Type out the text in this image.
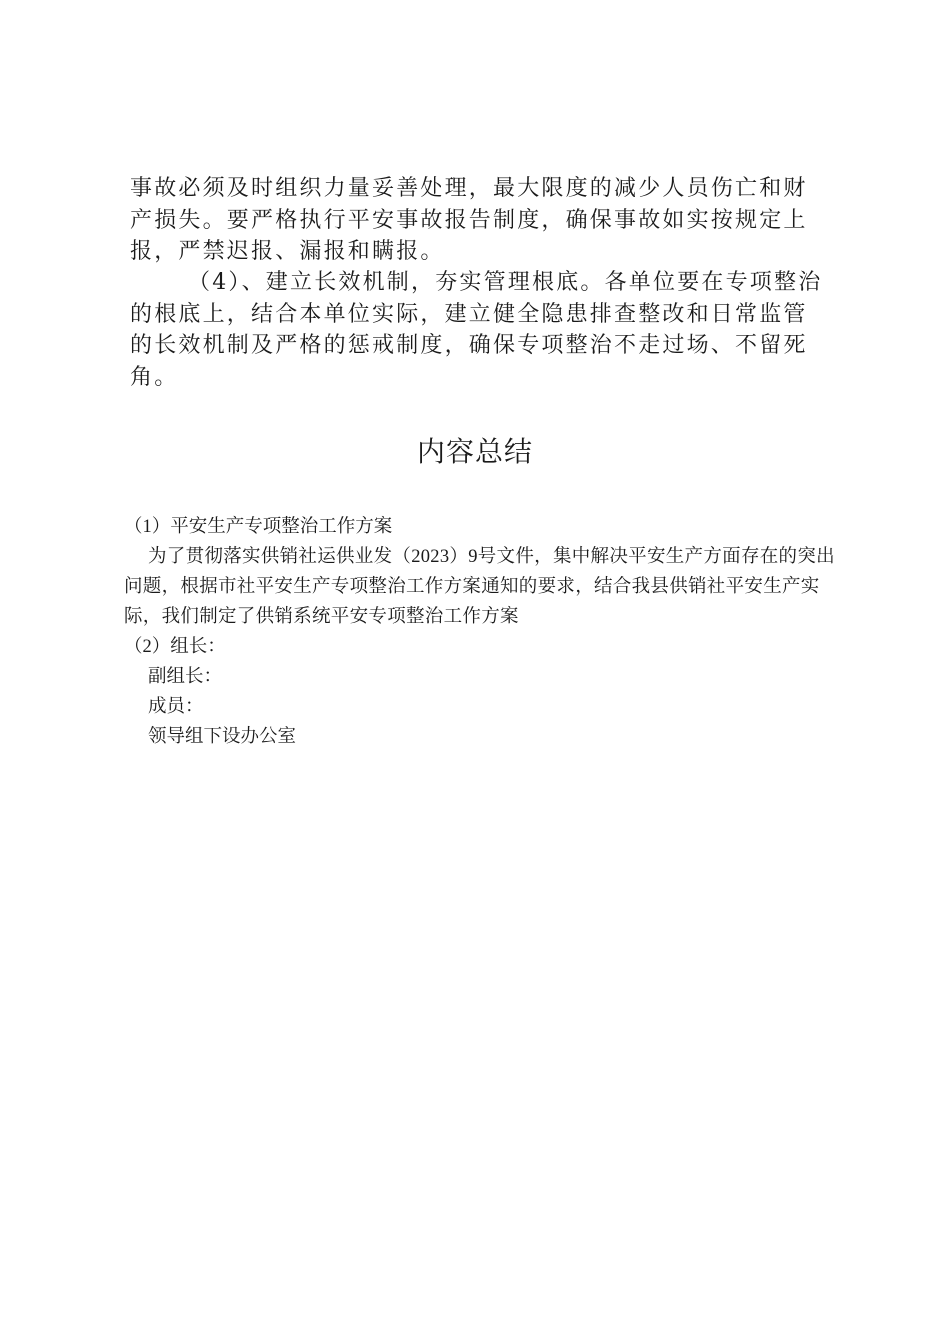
事故必须及时组织力量妥善处理，最大限度的减少人员伤亡和财产损失。要严格执行平安事故报告制度，确保事故如实按规定上报，严禁迟报、漏报和瞒报。

（4）、建立长效机制，夯实管理根底。各单位要在专项整治的根底上，结合本单位实际，建立健全隐患排查整改和日常监管的长效机制及严格的惩戒制度，确保专项整治不走过场、不留死角。

内容总结

（1）平安生产专项整治工作方案

为了贯彻落实供销社运供业发（2023）9号文件，集中解决平安生产方面存在的突出问题，根据市社平安生产专项整治工作方案通知的要求，结合我县供销社平安生产实际，我们制定了供销系统平安专项整治工作方案

（2）组长：

副组长：

成员：

领导组下设办公室
